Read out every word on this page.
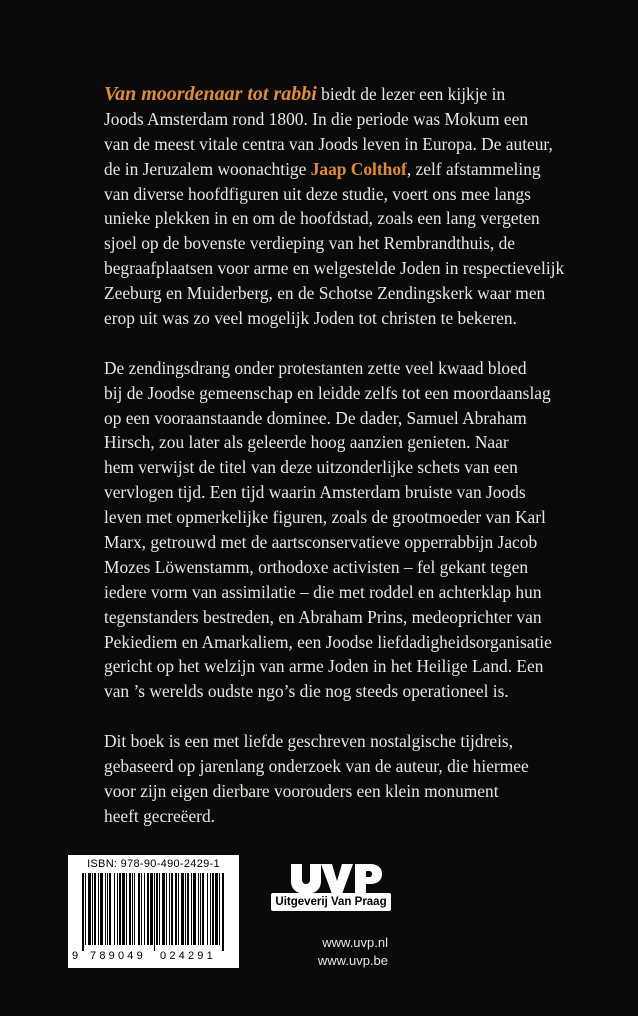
Van moordenaar tot rabbi biedt de lezer een kijkje in
Joods Amsterdam rond 1800. In die periode was Mokum een
van de meest vitale centra van Joods leven in Europa. De auteur,
de in Jeruzalem woonachtige Jaap Colthof, zelf afstammeling
van diverse hoofdfiguren uit deze studie, voert ons mee langs
unieke plekken in en om de hoofdstad, zoals een lang vergeten
sjoel op de bovenste verdieping van het Rembrandthuis, de
begraafplaatsen voor arme en welgestelde Joden in respectievelijk
Zeeburg en Muiderberg, en de Schotse Zendingskerk waar men
erop uit was zo veel mogelijk Joden tot christen te bekeren.
De zendingsdrang onder protestanten zette veel kwaad bloed
bij de Joodse gemeenschap en leidde zelfs tot een moordaanslag
op een vooraanstaande dominee. De dader, Samuel Abraham
Hirsch, zou later als geleerde hoog aanzien genieten. Naar
hem verwijst de titel van deze uitzonderlijke schets van een
vervlogen tijd. Een tijd waarin Amsterdam bruiste van Joods
leven met opmerkelijke figuren, zoals de grootmoeder van Karl
Marx, getrouwd met de aartsconservatieve opperrabbijn Jacob
Mozes Löwenstamm, orthodoxe activisten – fel gekant tegen
iedere vorm van assimilatie – die met roddel en achterklap hun
tegenstanders bestreden, en Abraham Prins, medeoprichter van
Pekiediem en Amarkaliem, een Joodse liefdadigheidsorganisatie
gericht op het welzijn van arme Joden in het Heilige Land. Een
van ’s werelds oudste ngo’s die nog steeds operationeel is.
Dit boek is een met liefde geschreven nostalgische tijdreis,
gebaseerd op jarenlang onderzoek van de auteur, die hiermee
voor zijn eigen dierbare voorouders een klein monument
heeft gecreëerd.
ISBN: 978-90-490-2429-1
9 789049 024291
Uitgeverij Van Praag
www.uvp.nl
www.uvp.be
